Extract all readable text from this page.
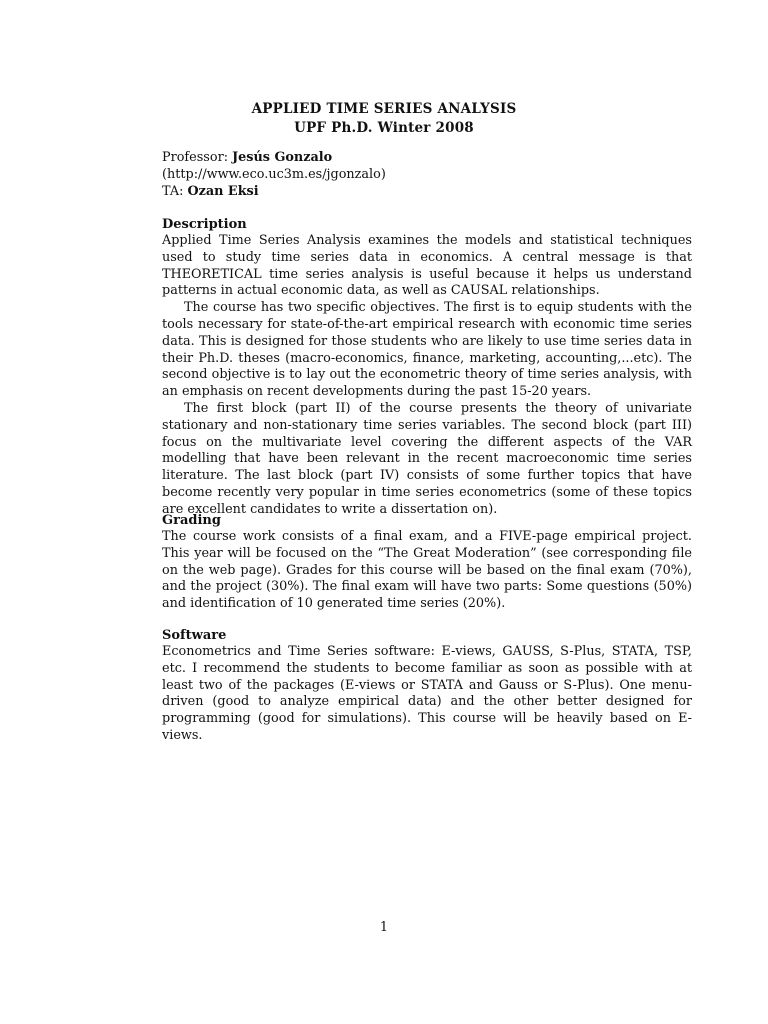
APPLIED TIME SERIES ANALYSIS
UPF Ph.D. Winter 2008
Professor: Jesús Gonzalo
(http://www.eco.uc3m.es/jgonzalo)
TA: Ozan Eksi
Description

Applied Time Series Analysis examines the models and statistical techniques used to study time series data in economics. A central message is that THEORETICAL time series analysis is useful because it helps us understand patterns in actual economic data, as well as CAUSAL relationships.

The course has two specific objectives. The first is to equip students with the tools necessary for state-of-the-art empirical research with economic time series data. This is designed for those students who are likely to use time series data in their Ph.D. theses (macro-economics, finance, marketing, accounting,...etc). The second objective is to lay out the econometric theory of time series analysis, with an emphasis on recent developments during the past 15-20 years.

The first block (part II) of the course presents the theory of univariate stationary and non-stationary time series variables. The second block (part III) focus on the multivariate level covering the different aspects of the VAR modelling that have been relevant in the recent macroeconomic time series literature. The last block (part IV) consists of some further topics that have become recently very popular in time series econometrics (some of these topics are excellent candidates to write a dissertation on).

Grading

The course work consists of a final exam, and a FIVE-page empirical project. This year will be focused on the “The Great Moderation” (see corresponding file on the web page). Grades for this course will be based on the final exam (70%), and the project (30%). The final exam will have two parts: Some questions (50%) and identification of 10 generated time series (20%).

Software

Econometrics and Time Series software: E-views, GAUSS, S-Plus, STATA, TSP, etc. I recommend the students to become familiar as soon as possible with at least two of the packages (E-views or STATA and Gauss or S-Plus). One menu-driven (good to analyze empirical data) and the other better designed for programming (good for simulations). This course will be heavily based on E-views.

1
